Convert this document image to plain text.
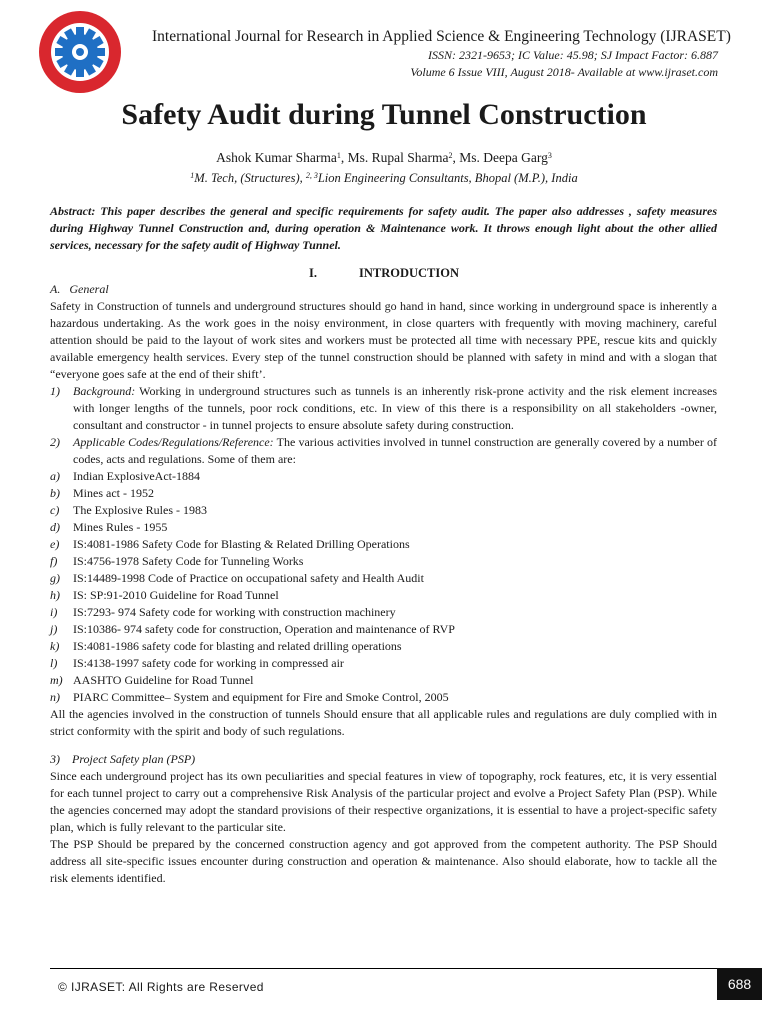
International Journal for Research in Applied Science & Engineering Technology (IJRASET)
ISSN: 2321-9653; IC Value: 45.98; SJ Impact Factor: 6.887
Volume 6 Issue VIII, August 2018- Available at www.ijraset.com
Safety Audit during Tunnel Construction
Ashok Kumar Sharma$^1$, Ms. Rupal Sharma$^2$, Ms. Deepa Garg$^3$
$^1$M. Tech, (Structures), $^{2, 3}$Lion Engineering Consultants, Bhopal (M.P.), India

Abstract: This paper describes the general and specific requirements for safety audit. The paper also addresses , safety measures during Highway Tunnel Construction and, during operation & Maintenance work. It throws enough light about the other allied services, necessary for the safety audit of Highway Tunnel.

I.	INTRODUCTION
A. General

Safety in Construction of tunnels and underground structures should go hand in hand, since working in underground space is inherently a hazardous undertaking. As the work goes in the noisy environment, in close quarters with frequently with moving machinery, careful attention should be paid to the layout of work sites and workers must be protected all time with necessary PPE, rescue kits and quickly available emergency health services. Every step of the tunnel construction should be planned with safety in mind and with a slogan that “everyone goes safe at the end of their shift’.

1) Background: Working in underground structures such as tunnels is an inherently risk-prone activity and the risk element increases with longer lengths of the tunnels, poor rock conditions, etc. In view of this there is a responsibility on all stakeholders -owner, consultant and constructor - in tunnel projects to ensure absolute safety during construction.
2) Applicable Codes/Regulations/Reference: The various activities involved in tunnel construction are generally covered by a number of codes, acts and regulations. Some of them are:
a) Indian ExplosiveAct-1884
b) Mines act - 1952
c) The Explosive Rules - 1983
d) Mines Rules - 1955
e) IS:4081-1986 Safety Code for Blasting & Related Drilling Operations
f) IS:4756-1978 Safety Code for Tunneling Works
g) IS:14489-1998 Code of Practice on occupational safety and Health Audit
h) IS: SP:91-2010 Guideline for Road Tunnel
i) IS:7293- 974 Safety code for working with construction machinery
j) IS:10386- 974 safety code for construction, Operation and maintenance of RVP
k) IS:4081-1986 safety code for blasting and related drilling operations
l) IS:4138-1997 safety code for working in compressed air
m) AASHTO Guideline for Road Tunnel
n) PIARC Committee– System and equipment for Fire and Smoke Control, 2005

All the agencies involved in the construction of tunnels Should ensure that all applicable rules and regulations are duly complied with in strict conformity with the spirit and body of such regulations.

3) Project Safety plan (PSP)

Since each underground project has its own peculiarities and special features in view of topography, rock features, etc, it is very essential for each tunnel project to carry out a comprehensive Risk Analysis of the particular project and evolve a Project Safety Plan (PSP). While the agencies concerned may adopt the standard provisions of their respective organizations, it is essential to have a project-specific safety plan, which is fully relevant to the particular site.

The PSP Should be prepared by the concerned construction agency and got approved from the competent authority. The PSP Should address all site-specific issues encounter during construction and operation & maintenance. Also should elaborate, how to tackle all the risk elements identified.

© IJRASET: All Rights are Reserved	688
